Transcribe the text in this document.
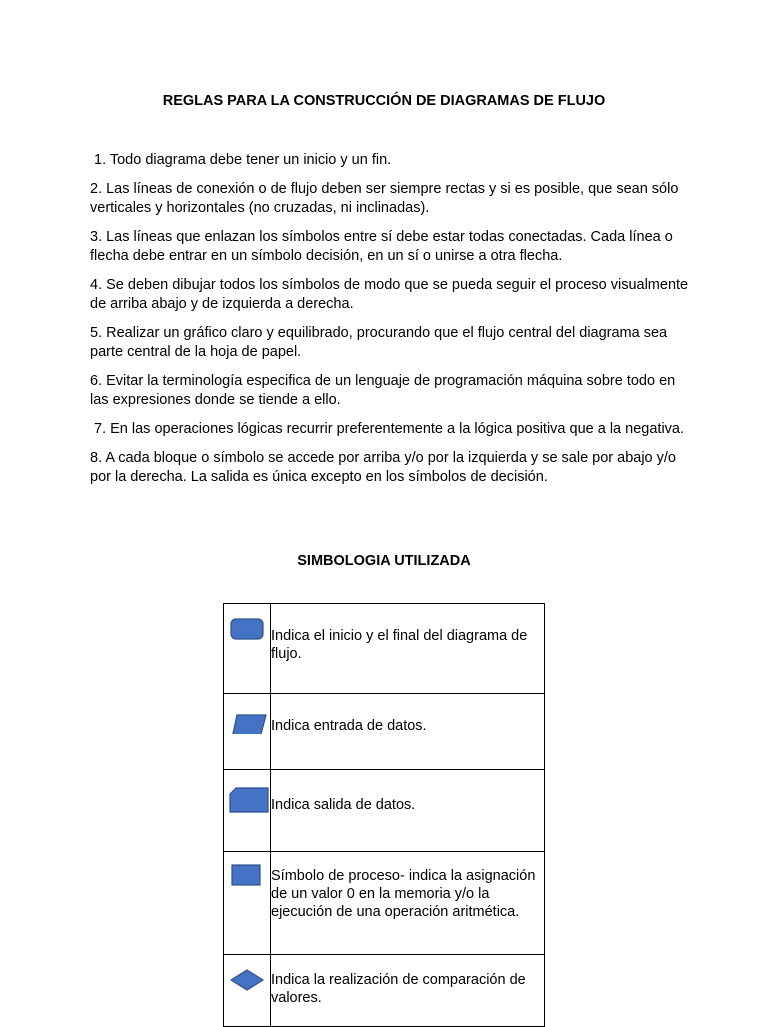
REGLAS PARA LA CONSTRUCCIÓN DE DIAGRAMAS DE FLUJO

1. Todo diagrama debe tener un inicio y un fin.

2. Las líneas de conexión o de flujo deben ser siempre rectas y si es posible, que sean sólo verticales y horizontales (no cruzadas, ni inclinadas).

3. Las líneas que enlazan los símbolos entre sí debe estar todas conectadas. Cada línea o flecha debe entrar en un símbolo decisión, en un sí o unirse a otra flecha.

4. Se deben dibujar todos los símbolos de modo que se pueda seguir el proceso visualmente de arriba abajo y de izquierda a derecha.

5. Realizar un gráfico claro y equilibrado, procurando que el flujo central del diagrama sea parte central de la hoja de papel.

6. Evitar la terminología especifica de un lenguaje de programación máquina sobre todo en las expresiones donde se tiende a ello.

7. En las operaciones lógicas recurrir preferentemente a la lógica positiva que a la negativa.

8. A cada bloque o símbolo se accede por arriba y/o por la izquierda y se sale por abajo y/o por la derecha. La salida es única excepto en los símbolos de decisión.

SIMBOLOGIA UTILIZADA

Indica el inicio y el final del diagrama de flujo.

Indica entrada de datos.

Indica salida de datos.

Símbolo de proceso- indica la asignación de un valor 0 en la memoria y/o la ejecución de una operación aritmética.

Indica la realización de comparación de valores.
